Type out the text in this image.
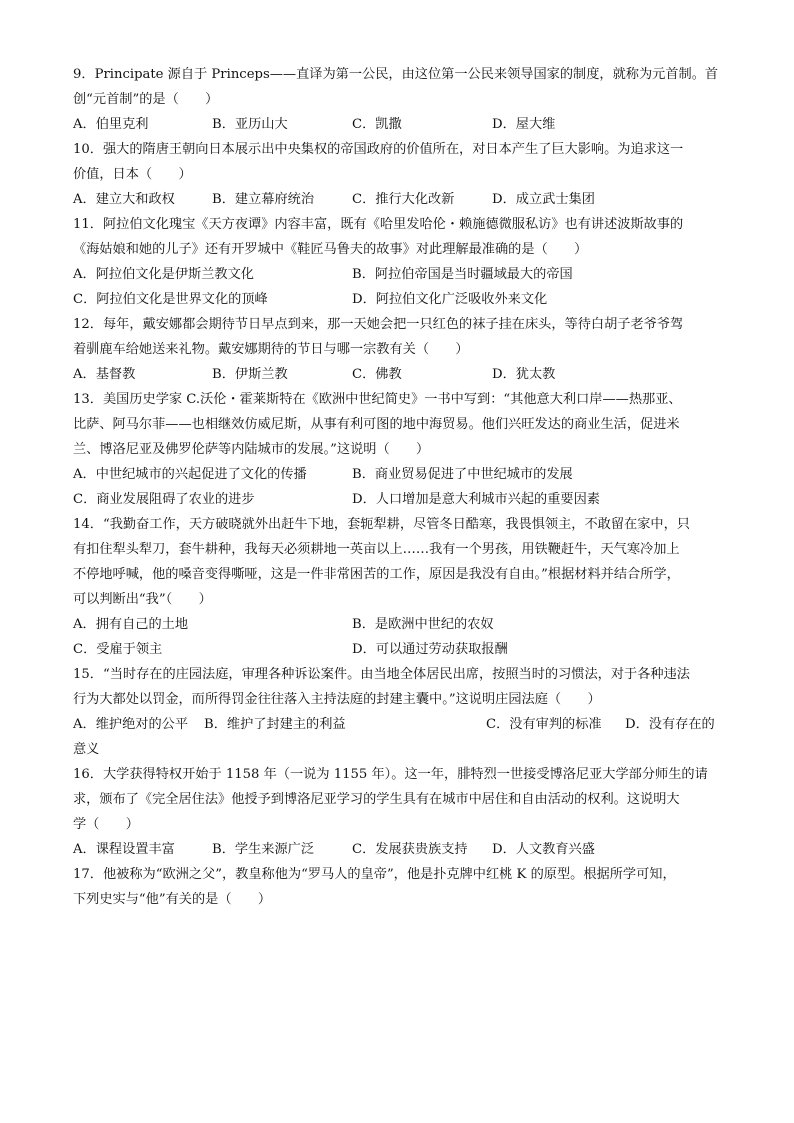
9．Principate 源自于 Princeps——直译为第一公民，由这位第一公民来领导国家的制度，就称为元首制。首
创“元首制”的是（　　）
A．伯里克利	B．亚历山大	C．凯撒	D．屋大维
10．强大的隋唐王朝向日本展示出中央集权的帝国政府的价值所在，对日本产生了巨大影响。为追求这一
价值，日本（　　）
A．建立大和政权	B．建立幕府统治	C．推行大化改新	D．成立武士集团
11．阿拉伯文化瑰宝《天方夜谭》内容丰富，既有《哈里发哈伦・赖施德微服私访》也有讲述波斯故事的
《海姑娘和她的儿子》还有开罗城中《鞋匠马鲁夫的故事》对此理解最准确的是（　　）
A．阿拉伯文化是伊斯兰教文化	B．阿拉伯帝国是当时疆域最大的帝国
C．阿拉伯文化是世界文化的顶峰	D．阿拉伯文化广泛吸收外来文化
12．每年，戴安娜都会期待节日早点到来，那一天她会把一只红色的袜子挂在床头，等待白胡子老爷爷驾
着驯鹿车给她送来礼物。戴安娜期待的节日与哪一宗教有关（　　）
A．基督教	B．伊斯兰教	C．佛教	D．犹太教
13．美国历史学家 C.沃伦・霍莱斯特在《欧洲中世纪简史》一书中写到：“其他意大利口岸——热那亚、
比萨、阿马尔菲——也相继效仿威尼斯，从事有利可图的地中海贸易。他们兴旺发达的商业生活，促进米
兰、博洛尼亚及佛罗伦萨等内陆城市的发展。”这说明（　　）
A．中世纪城市的兴起促进了文化的传播	B．商业贸易促进了中世纪城市的发展
C．商业发展阻碍了农业的进步	D．人口增加是意大利城市兴起的重要因素
14．“我勤奋工作，天方破晓就外出赶牛下地，套轭犁耕，尽管冬日酷寒，我畏惧领主，不敢留在家中，只
有扣住犁头犁刀，套牛耕种，我每天必须耕地一英亩以上……我有一个男孩，用铁鞭赶牛，天气寒冷加上
不停地呼喊，他的嗓音变得嘶哑，这是一件非常困苦的工作，原因是我没有自由。”根据材料并结合所学，
可以判断出“我”（　　）
A．拥有自己的土地	B．是欧洲中世纪的农奴
C．受雇于领主	D．可以通过劳动获取报酬
15．“当时存在的庄园法庭，审理各种诉讼案件。由当地全体居民出席，按照当时的习惯法，对于各种违法
行为大都处以罚金，而所得罚金往往落入主持法庭的封建主囊中。”这说明庄园法庭（　　）
A．维护绝对的公平 B．维护了封建主的利益	C．没有审判的标准 D．没有存在的
意义
16．大学获得特权开始于 1158 年（一说为 1155 年）。这一年，腓特烈一世接受博洛尼亚大学部分师生的请
求，颁布了《完全居住法》他授予到博洛尼亚学习的学生具有在城市中居住和自由活动的权利。这说明大
学（　　）
A．课程设置丰富	B．学生来源广泛	C．发展获贵族支持 D．人文教育兴盛
17．他被称为“欧洲之父”，教皇称他为“罗马人的皇帝”，他是扑克牌中红桃 K 的原型。根据所学可知，
下列史实与“他”有关的是（　　）
